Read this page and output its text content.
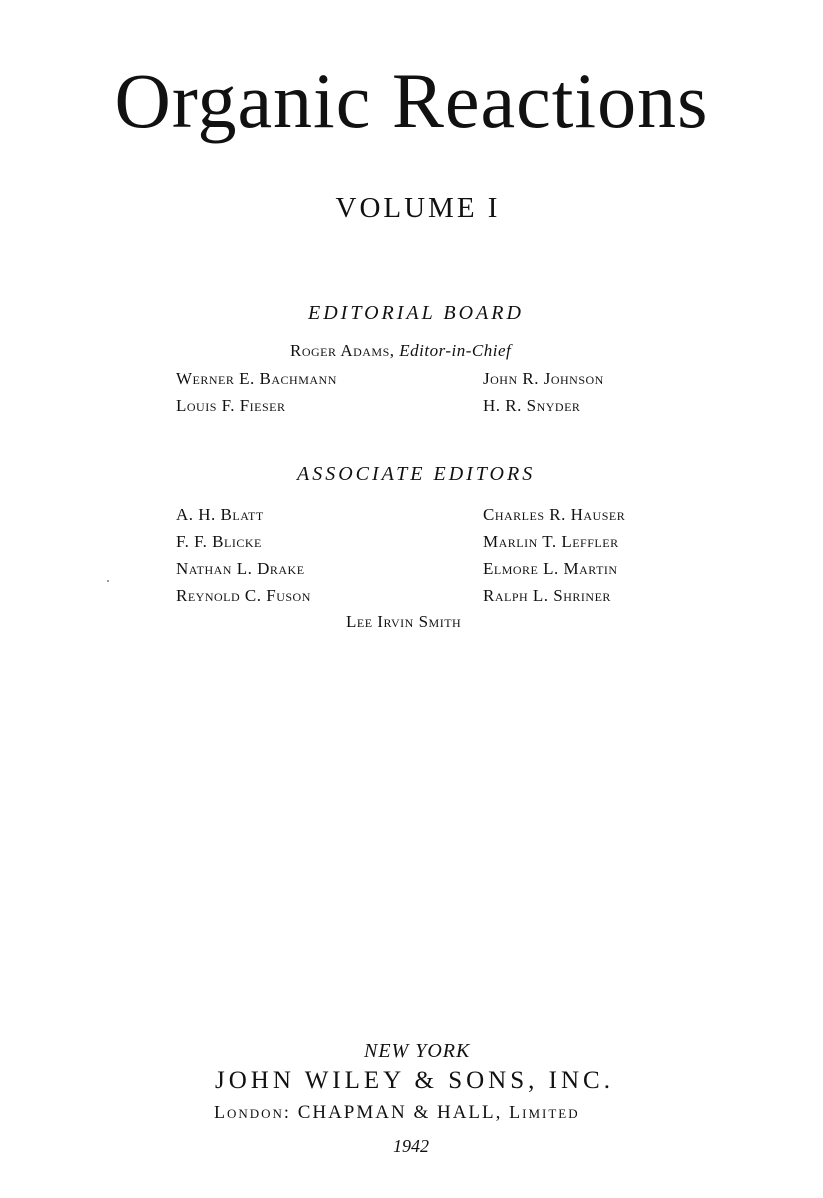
Organic Reactions
VOLUME I
EDITORIAL BOARD
Roger Adams, Editor-in-Chief
Werner E. Bachmann	John R. Johnson
Louis F. Fieser	H. R. Snyder
ASSOCIATE EDITORS
A. H. Blatt	Charles R. Hauser
F. F. Blicke	Marlin T. Leffler
Nathan L. Drake	Elmore L. Martin
Reynold C. Fuson	Ralph L. Shriner
Lee Irvin Smith
NEW YORK
JOHN WILEY & SONS, INC.
London: CHAPMAN & HALL, Limited
1942
